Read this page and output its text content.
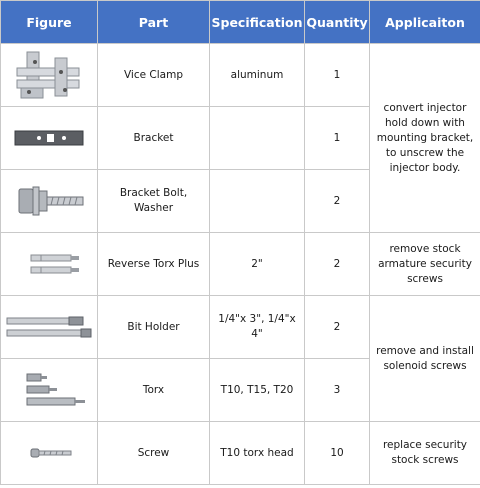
Figure	Part	Specification	Quantity	Applicaiton

	Vice Clamp	aluminum	1	convert injector hold down with mounting bracket, to unscrew the injector body.

	Bracket		1	

	Bracket Bolt, Washer		2	

	Reverse Torx Plus	2"	2	remove stock armature security screws

	Bit Holder	1/4"x 3", 1/4"x 4"	2	remove and install solenoid screws

	Torx	T10, T15, T20	3	

	Screw	T10 torx head	10	replace security stock screws
